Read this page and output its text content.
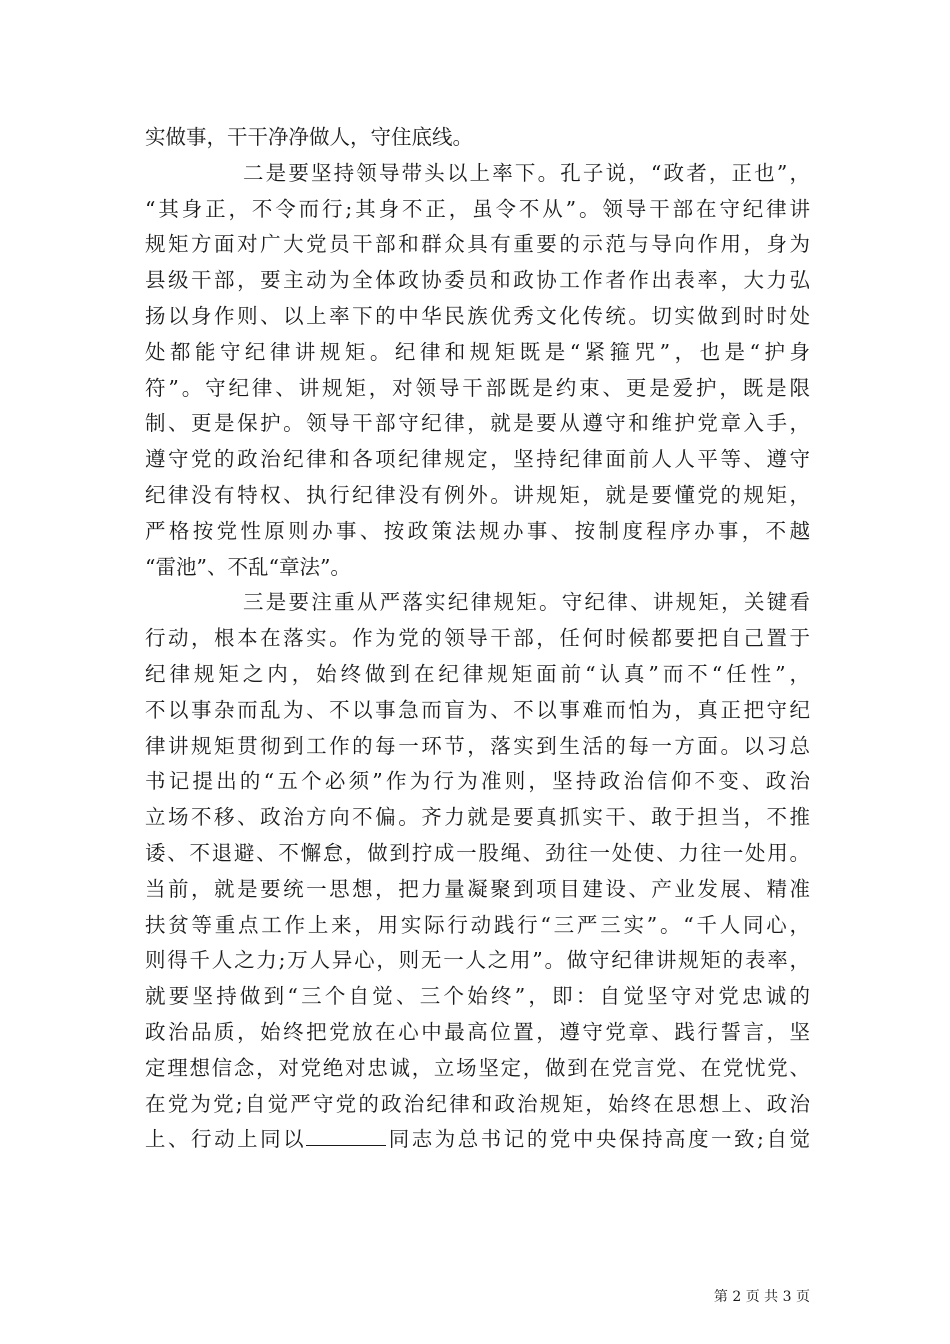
实做事，干干净净做人，守住底线。
二是要坚持领导带头以上率下。孔子说，“政者，正也”，
“其身正，不令而行;其身不正，虽令不从”。领导干部在守纪律讲
规矩方面对广大党员干部和群众具有重要的示范与导向作用，身为
县级干部，要主动为全体政协委员和政协工作者作出表率，大力弘
扬以身作则、以上率下的中华民族优秀文化传统。切实做到时时处
处都能守纪律讲规矩。纪律和规矩既是“紧箍咒”，也是“护身
符”。守纪律、讲规矩，对领导干部既是约束、更是爱护，既是限
制、更是保护。领导干部守纪律，就是要从遵守和维护党章入手，
遵守党的政治纪律和各项纪律规定，坚持纪律面前人人平等、遵守
纪律没有特权、执行纪律没有例外。讲规矩，就是要懂党的规矩，
严格按党性原则办事、按政策法规办事、按制度程序办事，不越
“雷池”、不乱“章法”。
三是要注重从严落实纪律规矩。守纪律、讲规矩，关键看
行动，根本在落实。作为党的领导干部，任何时候都要把自己置于
纪律规矩之内，始终做到在纪律规矩面前“认真”而不“任性”，
不以事杂而乱为、不以事急而盲为、不以事难而怕为，真正把守纪
律讲规矩贯彻到工作的每一环节，落实到生活的每一方面。以习总
书记提出的“五个必须”作为行为准则，坚持政治信仰不变、政治
立场不移、政治方向不偏。齐力就是要真抓实干、敢于担当，不推
诿、不退避、不懈怠，做到拧成一股绳、劲往一处使、力往一处用。
当前，就是要统一思想，把力量凝聚到项目建设、产业发展、精准
扶贫等重点工作上来，用实际行动践行“三严三实”。“千人同心，
则得千人之力;万人异心，则无一人之用”。做守纪律讲规矩的表率，
就要坚持做到“三个自觉、三个始终”，即：自觉坚守对党忠诚的
政治品质，始终把党放在心中最高位置，遵守党章、践行誓言，坚
定理想信念，对党绝对忠诚，立场坚定，做到在党言党、在党忧党、
在党为党;自觉严守党的政治纪律和政治规矩，始终在思想上、政治
上、行动上同以	同志为总书记的党中央保持高度一致;自觉
第 2 页 共 3 页
